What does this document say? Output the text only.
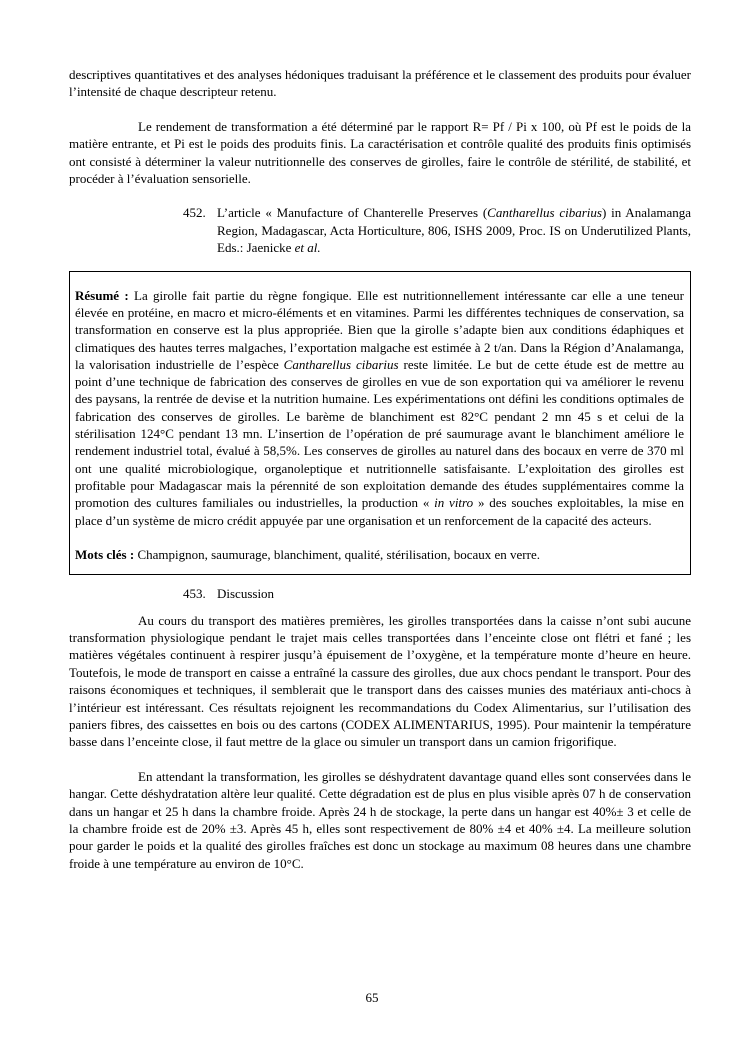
descriptives quantitatives et des analyses hédoniques traduisant la préférence et le classement des produits pour évaluer l’intensité de chaque descripteur retenu.

Le rendement de transformation a été déterminé par le rapport R= Pf / Pi x 100, où Pf est le poids de la matière entrante, et Pi est le poids des produits finis. La caractérisation et contrôle qualité des produits finis optimisés ont consisté à déterminer la valeur nutritionnelle des conserves de girolles, faire le contrôle de stérilité, de stabilité, et procéder à l’évaluation sensorielle.

452. L’article « Manufacture of Chanterelle Preserves (Cantharellus cibarius) in Analamanga Region, Madagascar, Acta Horticulture, 806, ISHS 2009, Proc. IS on Underutilized Plants, Eds.: Jaenicke et al.

Résumé : La girolle fait partie du règne fongique. Elle est nutritionnellement intéressante car elle a une teneur élevée en protéine, en macro et micro-éléments et en vitamines. Parmi les différentes techniques de conservation, sa transformation en conserve est la plus appropriée. Bien que la girolle s’adapte bien aux conditions édaphiques et climatiques des hautes terres malgaches, l’exportation malgache est estimée à 2 t/an. Dans la Région d’Analamanga, la valorisation industrielle de l’espèce Cantharellus cibarius reste limitée. Le but de cette étude est de mettre au point d’une technique de fabrication des conserves de girolles en vue de son exportation qui va améliorer le revenu des paysans, la rentrée de devise et la nutrition humaine. Les expérimentations ont défini les conditions optimales de fabrication des conserves de girolles. Le barème de blanchiment est 82°C pendant 2 mn 45 s et celui de la stérilisation 124°C pendant 13 mn. L’insertion de l’opération de pré saumurage avant le blanchiment améliore le rendement industriel total, évalué à 58,5%. Les conserves de girolles au naturel dans des bocaux en verre de 370 ml ont une qualité microbiologique, organoleptique et nutritionnelle satisfaisante. L’exploitation des girolles est profitable pour Madagascar mais la pérennité de son exploitation demande des études supplémentaires comme la promotion des cultures familiales ou industrielles, la production « in vitro » des souches exploitables, la mise en place d’un système de micro crédit appuyée par une organisation et un renforcement de la capacité des acteurs.

Mots clés : Champignon, saumurage, blanchiment, qualité, stérilisation, bocaux en verre.

453. Discussion

Au cours du transport des matières premières, les girolles transportées dans la caisse n’ont subi aucune transformation physiologique pendant le trajet mais celles transportées dans l’enceinte close ont flétri et fané ; les matières végétales continuent à respirer jusqu’à épuisement de l’oxygène, et la température monte d’heure en heure. Toutefois, le mode de transport en caisse a entraîné la cassure des girolles, due aux chocs pendant le transport. Pour des raisons économiques et techniques, il semblerait que le transport dans des caisses munies des matériaux anti-chocs à l’intérieur est intéressant. Ces résultats rejoignent les recommandations du Codex Alimentarius, sur l’utilisation des paniers fibres, des caissettes en bois ou des cartons (CODEX ALIMENTARIUS, 1995). Pour maintenir la température basse dans l’enceinte close, il faut mettre de la glace ou simuler un transport dans un camion frigorifique.

En attendant la transformation, les girolles se déshydratent davantage quand elles sont conservées dans le hangar. Cette déshydratation altère leur qualité. Cette dégradation est de plus en plus visible après 07 h de conservation dans un hangar et 25 h dans la chambre froide. Après 24 h de stockage, la perte dans un hangar est 40%± 3 et celle de la chambre froide est de 20% ±3. Après 45 h, elles sont respectivement de 80% ±4 et 40% ±4. La meilleure solution pour garder le poids et la qualité des girolles fraîches est donc un stockage au maximum 08 heures dans une chambre froide à une température au environ de 10°C.

65
